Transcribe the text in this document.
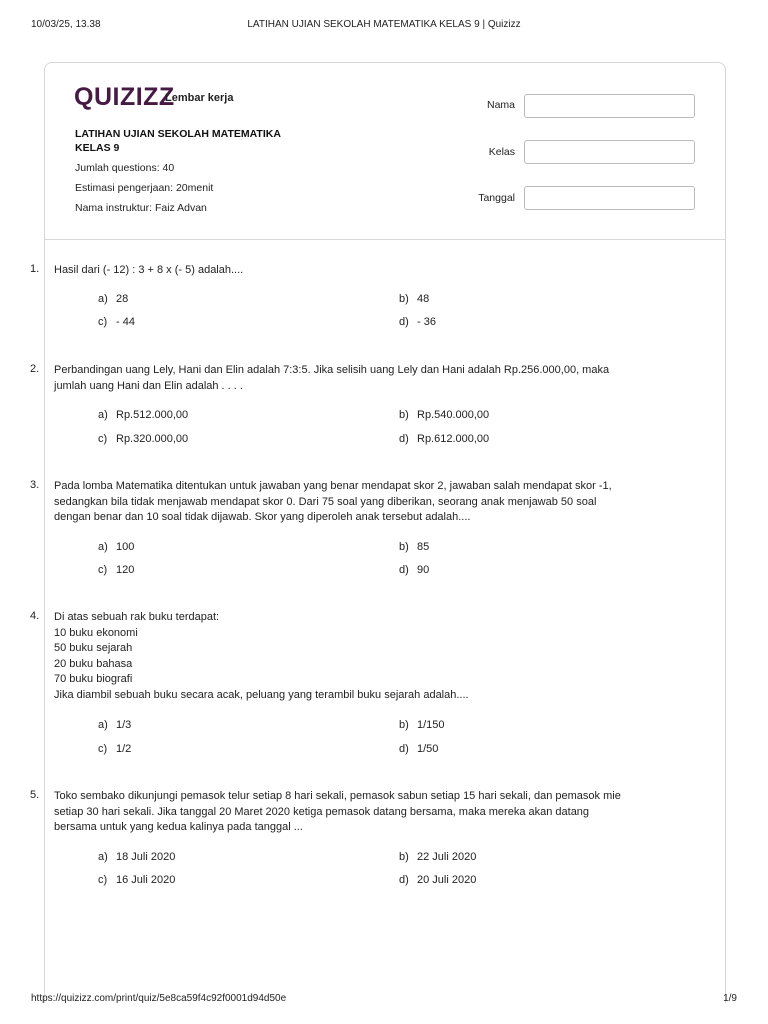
10/03/25, 13.38	LATIHAN UJIAN SEKOLAH MATEMATIKA KELAS 9 | Quizizz
QUIZIZZ
Lembar kerja
LATIHAN UJIAN SEKOLAH MATEMATIKA
KELAS 9
Jumlah questions: 40
Estimasi pengerjaan: 20menit
Nama instruktur: Faiz Advan
Nama
Kelas
Tanggal
1. Hasil dari (- 12) : 3 + 8 x (- 5) adalah....
a) 28	b) 48
c) - 44	d) - 36
2. Perbandingan uang Lely, Hani dan Elin adalah 7:3:5. Jika selisih uang Lely dan Hani adalah Rp.256.000,00, maka
jumlah uang Hani dan Elin adalah . . . .
a) Rp.512.000,00	b) Rp.540.000,00
c) Rp.320.000,00	d) Rp.612.000,00
3. Pada lomba Matematika ditentukan untuk jawaban yang benar mendapat skor 2, jawaban salah mendapat skor -1,
sedangkan bila tidak menjawab mendapat skor 0. Dari 75 soal yang diberikan, seorang anak menjawab 50 soal
dengan benar dan 10 soal tidak dijawab. Skor yang diperoleh anak tersebut adalah....
a) 100	b) 85
c) 120	d) 90
4. Di atas sebuah rak buku terdapat:
10 buku ekonomi
50 buku sejarah
20 buku bahasa
70 buku biografi
Jika diambil sebuah buku secara acak, peluang yang terambil buku sejarah adalah....
a) 1/3	b) 1/150
c) 1/2	d) 1/50
5. Toko sembako dikunjungi pemasok telur setiap 8 hari sekali, pemasok sabun setiap 15 hari sekali, dan pemasok mie
setiap 30 hari sekali. Jika tanggal 20 Maret 2020 ketiga pemasok datang bersama, maka mereka akan datang
bersama untuk yang kedua kalinya pada tanggal ...
a) 18 Juli 2020	b) 22 Juli 2020
c) 16 Juli 2020	d) 20 Juli 2020
https://quizizz.com/print/quiz/5e8ca59f4c92f0001d94d50e	1/9
